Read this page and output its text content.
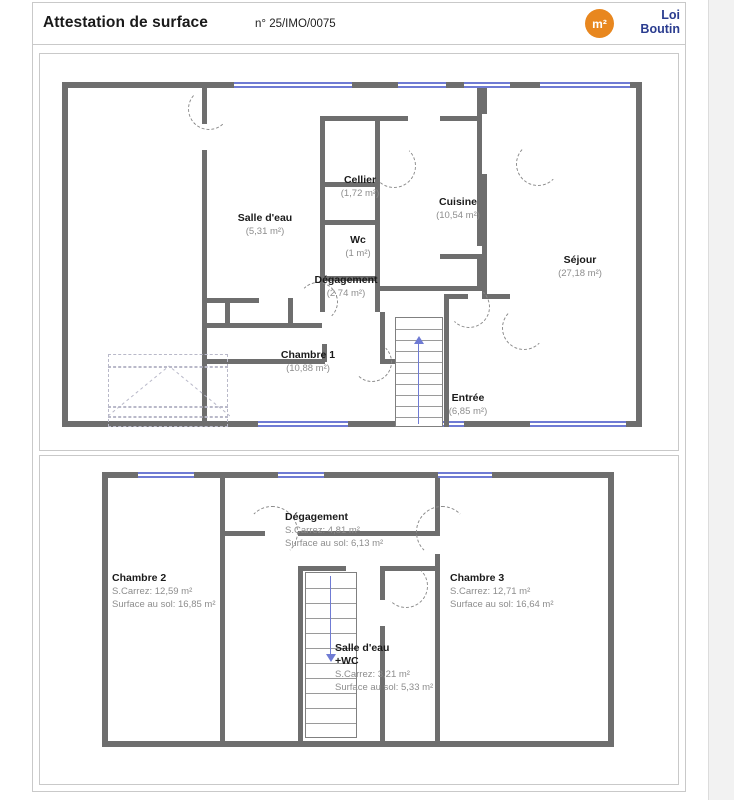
Attestation de surface	n° 25/IMO/0075	m²
Loi
Boutin
Cellier
(1,72 m²)
Salle d'eau
(5,31 m²)
Wc
(1 m²)
Cuisine
(10,54 m²)
Séjour
(27,18 m²)
Dégagement
(2,74 m²)
Chambre 1
(10,88 m²)
Entrée
(6,85 m²)
Dégagement
S.Carrez: 4,81 m²
Surface au sol: 6,13 m²
Chambre 2
S.Carrez: 12,59 m²
Surface au sol: 16,85 m²
Chambre 3
S.Carrez: 12,71 m²
Surface au sol: 16,64 m²
Salle d'eau
+WC
S.Carrez: 3,21 m²
Surface au sol: 5,33 m²
